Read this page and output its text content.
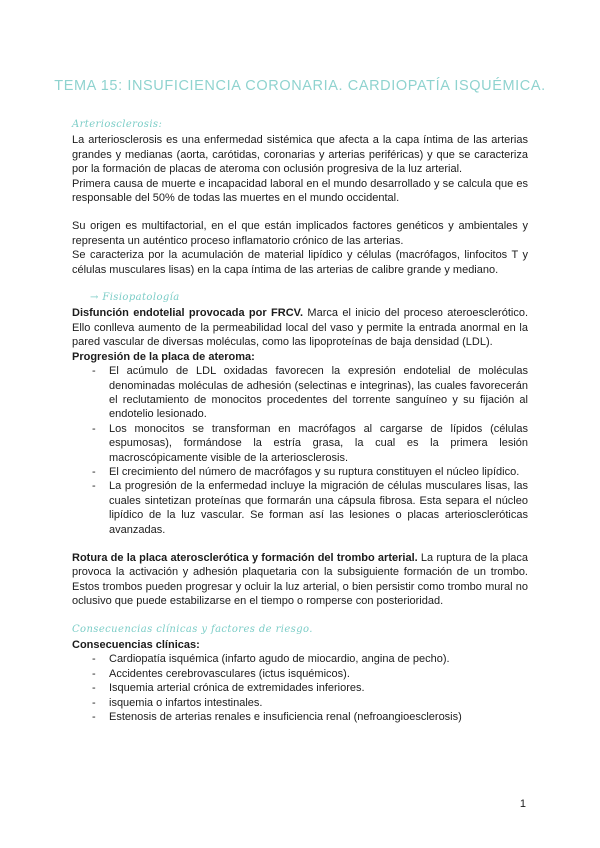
TEMA 15: INSUFICIENCIA CORONARIA. CARDIOPATÍA ISQUÉMICA.
Arteriosclerosis:

La arteriosclerosis es una enfermedad sistémica que afecta a la capa íntima de las arterias grandes y medianas (aorta, carótidas, coronarias y arterias periféricas) y que se caracteriza por la formación de placas de ateroma con oclusión progresiva de la luz arterial.

Primera causa de muerte e incapacidad laboral en el mundo desarrollado y se calcula que es responsable del 50% de todas las muertes en el mundo occidental.

Su origen es multifactorial, en el que están implicados factores genéticos y ambientales y representa un auténtico proceso inflamatorio crónico de las arterias.

Se caracteriza por la acumulación de material lipídico y células (macrófagos, linfocitos T y células musculares lisas) en la capa íntima de las arterias de calibre grande y mediano.

→ Fisiopatología

Disfunción endotelial provocada por FRCV. Marca el inicio del proceso ateroesclerótico. Ello conlleva aumento de la permeabilidad local del vaso y permite la entrada anormal en la pared vascular de diversas moléculas, como las lipoproteínas de baja densidad (LDL).

Progresión de la placa de ateroma:

- El acúmulo de LDL oxidadas favorecen la expresión endotelial de moléculas denominadas moléculas de adhesión (selectinas e integrinas), las cuales favorecerán el reclutamiento de monocitos procedentes del torrente sanguíneo y su fijación al endotelio lesionado.
- Los monocitos se transforman en macrófagos al cargarse de lípidos (células espumosas), formándose la estría grasa, la cual es la primera lesión macroscópicamente visible de la arteriosclerosis.
- El crecimiento del número de macrófagos y su ruptura constituyen el núcleo lipídico.
- La progresión de la enfermedad incluye la migración de células musculares lisas, las cuales sintetizan proteínas que formarán una cápsula fibrosa. Esta separa el núcleo lipídico de la luz vascular. Se forman así las lesiones o placas arterioscleróticas avanzadas.

Rotura de la placa aterosclerótica y formación del trombo arterial. La ruptura de la placa provoca la activación y adhesión plaquetaria con la subsiguiente formación de un trombo. Estos trombos pueden progresar y ocluir la luz arterial, o bien persistir como trombo mural no oclusivo que puede estabilizarse en el tiempo o romperse con posterioridad.

Consecuencias clínicas y factores de riesgo.

Consecuencias clínicas:

- Cardiopatía isquémica (infarto agudo de miocardio, angina de pecho).
- Accidentes cerebrovasculares (ictus isquémicos).
- Isquemia arterial crónica de extremidades inferiores.
- isquemia o infartos intestinales.
- Estenosis de arterias renales e insuficiencia renal (nefroangioesclerosis)
1
